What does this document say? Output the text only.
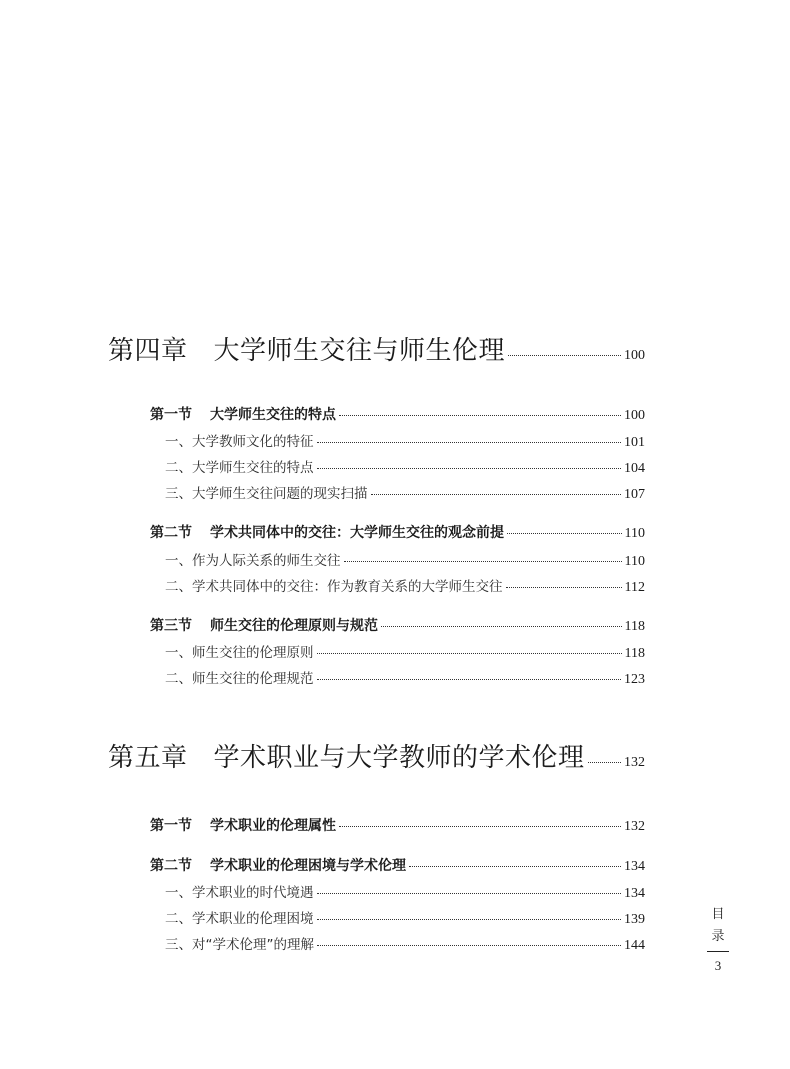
第四章 大学师生交往与师生伦理	100
第一节 大学师生交往的特点	100
一、大学教师文化的特征	101
二、大学师生交往的特点	104
三、大学师生交往问题的现实扫描	107
第二节 学术共同体中的交往：大学师生交往的观念前提	110
一、作为人际关系的师生交往	110
二、学术共同体中的交往：作为教育关系的大学师生交往	112
第三节 师生交往的伦理原则与规范	118
一、师生交往的伦理原则	118
二、师生交往的伦理规范	123
第五章 学术职业与大学教师的学术伦理	132
第一节 学术职业的伦理属性	132
第二节 学术职业的伦理困境与学术伦理	134
一、学术职业的时代境遇	134
二、学术职业的伦理困境	139
三、对“学术伦理”的理解	144
目
录
3
